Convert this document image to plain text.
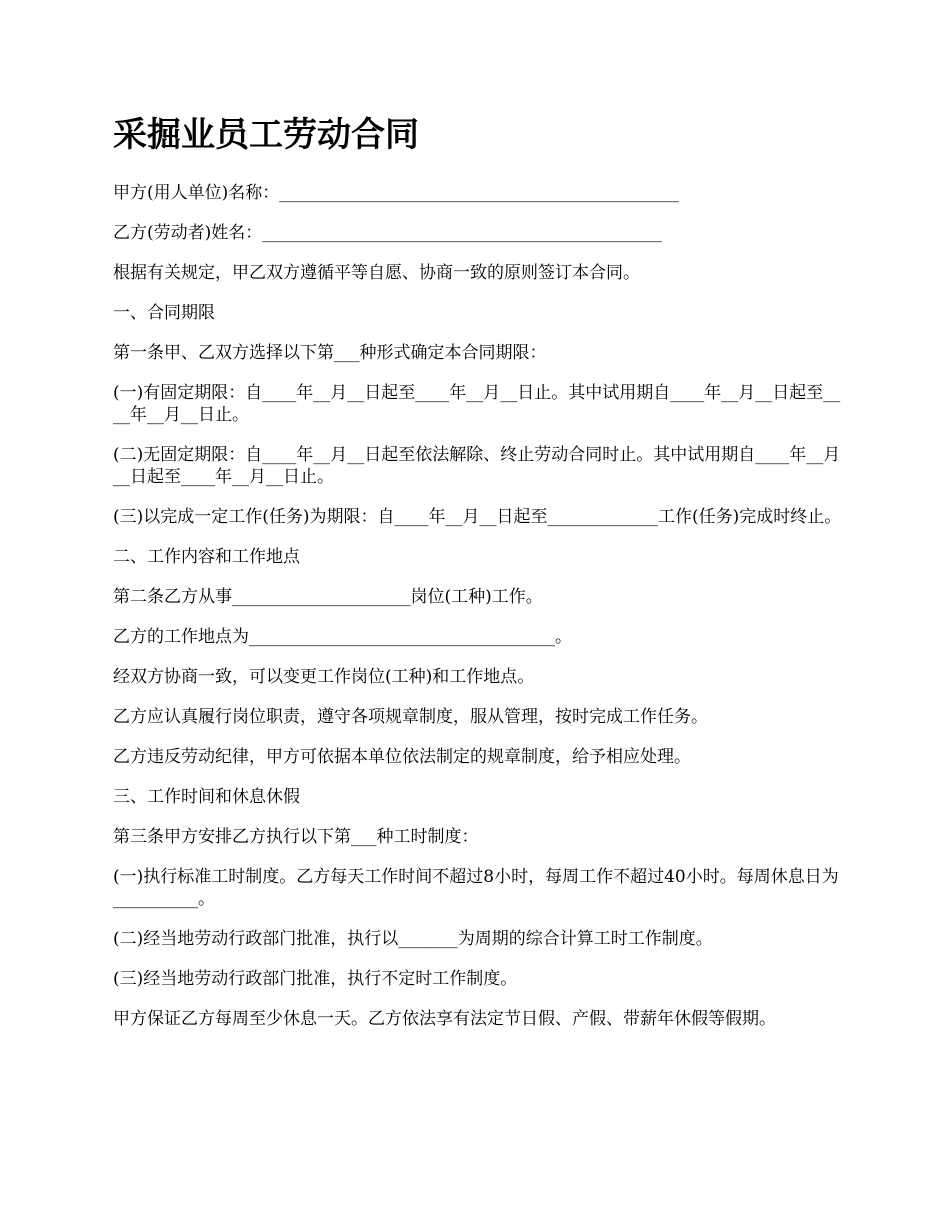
采掘业员工劳动合同

甲方(用人单位)名称：_______________________________________________

乙方(劳动者)姓名：_______________________________________________

根据有关规定，甲乙双方遵循平等自愿、协商一致的原则签订本合同。

一、合同期限

第一条甲、乙双方选择以下第___种形式确定本合同期限：

(一)有固定期限：自____年__月__日起至____年__月__日止。其中试用期自____年__月__日起至____年__月__日止。

(二)无固定期限：自____年__月__日起至依法解除、终止劳动合同时止。其中试用期自____年__月__日起至____年__月__日止。

(三)以完成一定工作(任务)为期限：自____年__月__日起至_____________工作(任务)完成时终止。

二、工作内容和工作地点

第二条乙方从事_____________________岗位(工种)工作。

乙方的工作地点为____________________________________。

经双方协商一致，可以变更工作岗位(工种)和工作地点。

乙方应认真履行岗位职责，遵守各项规章制度，服从管理，按时完成工作任务。

乙方违反劳动纪律，甲方可依据本单位依法制定的规章制度，给予相应处理。

三、工作时间和休息休假

第三条甲方安排乙方执行以下第___种工时制度：

(一)执行标准工时制度。乙方每天工作时间不超过8小时，每周工作不超过40小时。每周休息日为__________。

(二)经当地劳动行政部门批准，执行以_______为周期的综合计算工时工作制度。

(三)经当地劳动行政部门批准，执行不定时工作制度。

甲方保证乙方每周至少休息一天。乙方依法享有法定节日假、产假、带薪年休假等假期。
